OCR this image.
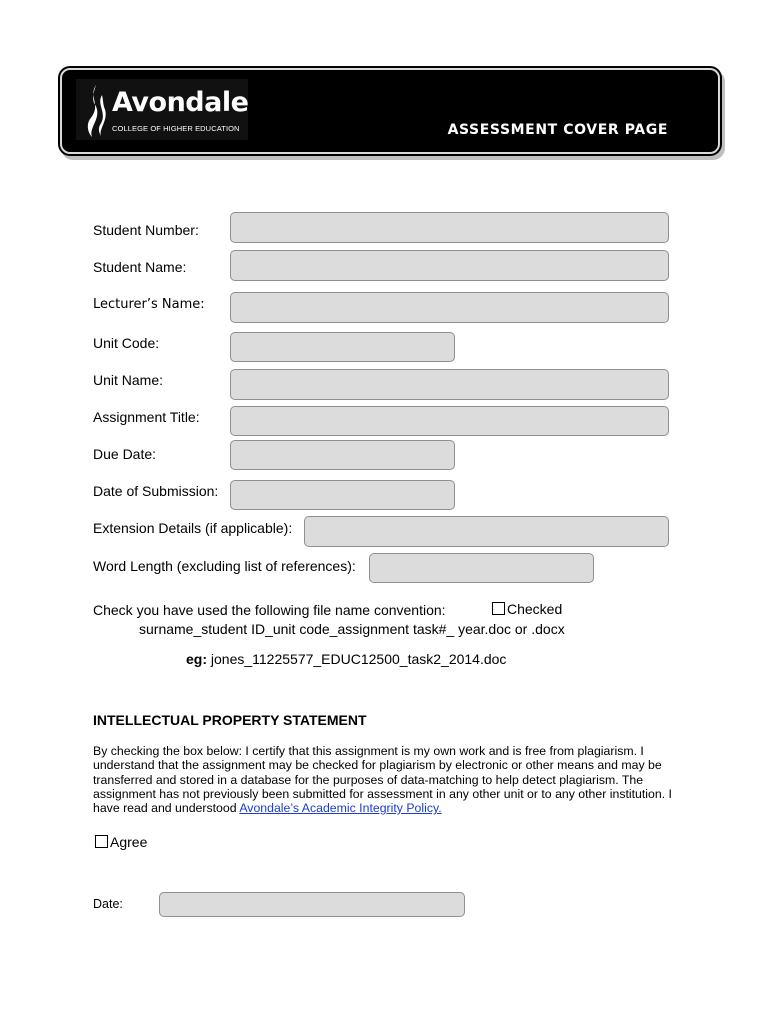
Avondale
COLLEGE OF HIGHER EDUCATION	ASSESSMENT COVER PAGE
Student Number:
Student Name:
Lecturer’s Name:
Unit Code:
Unit Name:
Assignment Title:
Due Date:
Date of Submission:
Extension Details (if applicable):
Word Length (excluding list of references):
Check you have used the following file name convention:	Checked
surname_student ID_unit code_assignment task#_ year.doc or .docx
eg: jones_11225577_EDUC12500_task2_2014.doc
INTELLECTUAL PROPERTY STATEMENT
By checking the box below: I certify that this assignment is my own work and is free from plagiarism. I understand that the assignment may be checked for plagiarism by electronic or other means and may be transferred and stored in a database for the purposes of data-matching to help detect plagiarism. The assignment has not previously been submitted for assessment in any other unit or to any other institution. I have read and understood Avondale’s Academic Integrity Policy.
Agree
Date:
